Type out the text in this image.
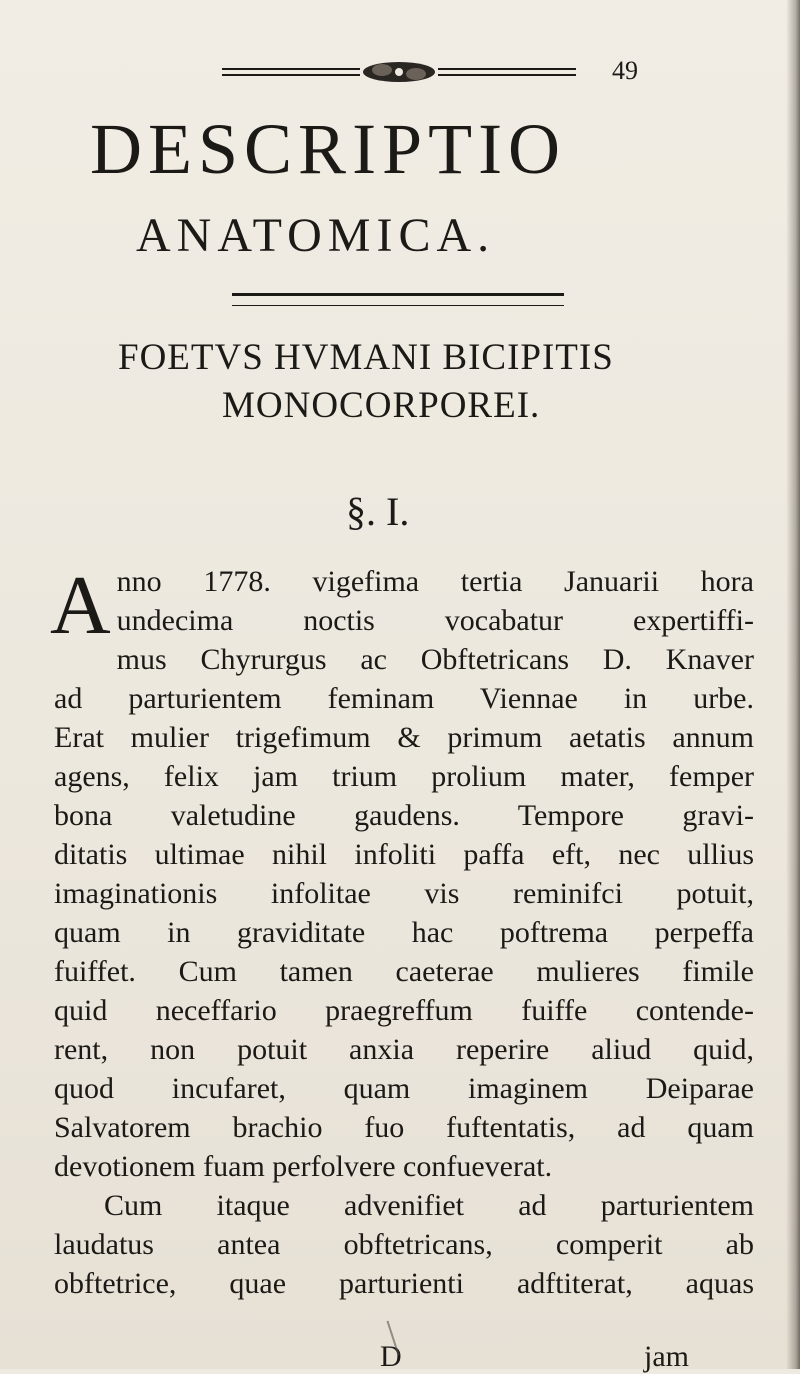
49
DESCRIPTIO
ANATOMICA.
FOETVS HVMANI BICIPITIS
MONOCORPOREI.
§. I.
A nno 1778. vigefima tertia Januarii hora
undecima noctis vocabatur expertiffi-
mus Chyrurgus ac Obftetricans D. Knaver
ad parturientem feminam Viennae in urbe.
Erat mulier trigefimum & primum aetatis annum
agens, felix jam trium prolium mater, femper
bona valetudine gaudens. Tempore gravi-
ditatis ultimae nihil infoliti paffa eft, nec ullius
imaginationis infolitae vis reminifci potuit,
quam in graviditate hac poftrema perpeffa
fuiffet. Cum tamen caeterae mulieres fimile
quid neceffario praegreffum fuiffe contende-
rent, non potuit anxia reperire aliud quid,
quod incufaret, quam imaginem Deiparae
Salvatorem brachio fuo fuftentatis, ad quam
devotionem fuam perfolvere confueverat.
Cum itaque advenifiet ad parturientem
laudatus antea obftetricans, comperit ab
obftetrice, quae parturienti adftiterat, aquas
D	jam
